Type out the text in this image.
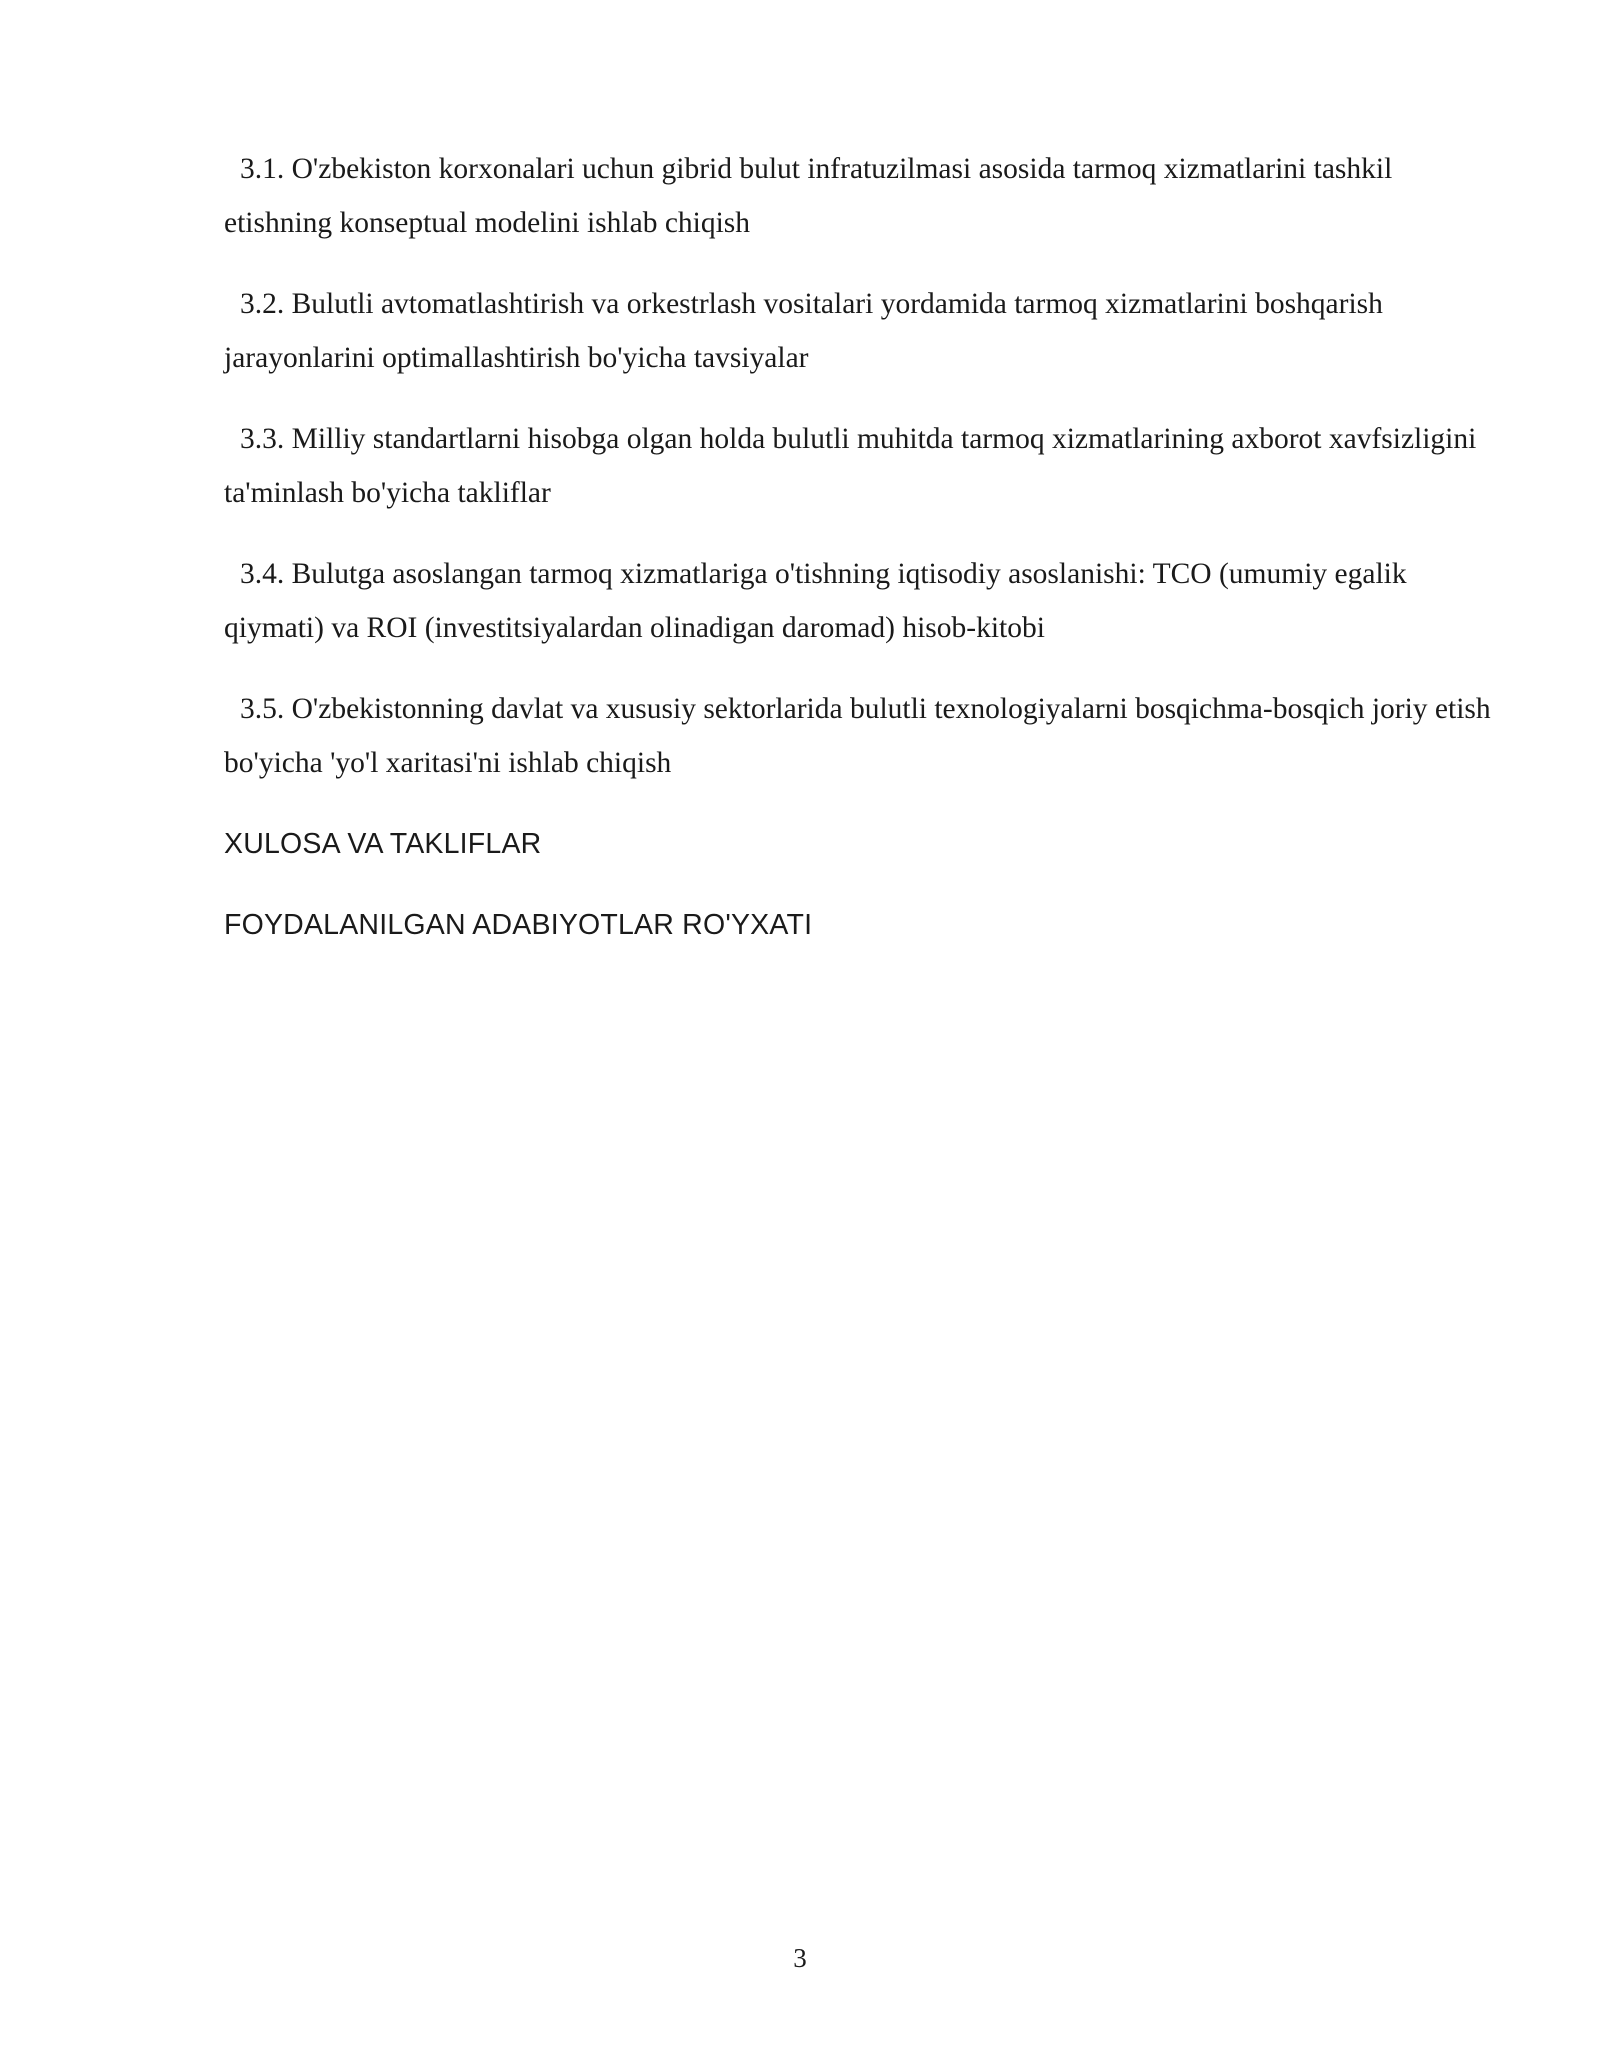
3.1. O'zbekiston korxonalari uchun gibrid bulut infratuzilmasi asosida tarmoq xizmatlarini tashkil etishning konseptual modelini ishlab chiqish

3.2. Bulutli avtomatlashtirish va orkestrlash vositalari yordamida tarmoq xizmatlarini boshqarish jarayonlarini optimallashtirish bo'yicha tavsiyalar

3.3. Milliy standartlarni hisobga olgan holda bulutli muhitda tarmoq xizmatlarining axborot xavfsizligini ta'minlash bo'yicha takliflar

3.4. Bulutga asoslangan tarmoq xizmatlariga o'tishning iqtisodiy asoslanishi: TCO (umumiy egalik qiymati) va ROI (investitsiyalardan olinadigan daromad) hisob-kitobi

3.5. O'zbekistonning davlat va xususiy sektorlarida bulutli texnologiyalarni bosqichma-bosqich joriy etish bo'yicha 'yo'l xaritasi'ni ishlab chiqish

XULOSA VA TAKLIFLAR

FOYDALANILGAN ADABIYOTLAR RO'YXATI

3
